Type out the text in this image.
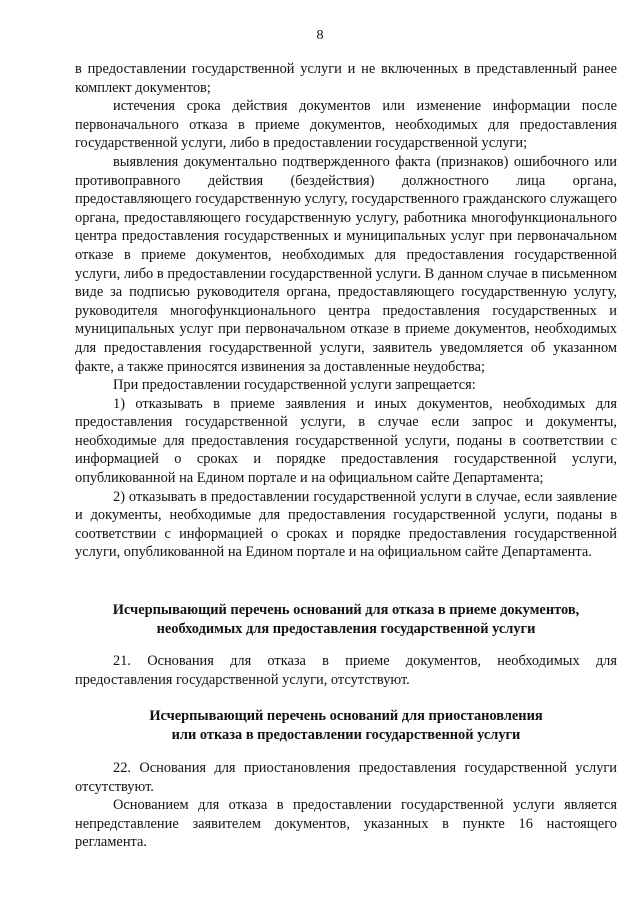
8

в предоставлении государственной услуги и не включенных в представленный ранее комплект документов;

истечения срока действия документов или изменение информации после первоначального отказа в приеме документов, необходимых для предоставления государственной услуги, либо в предоставлении государственной услуги;

выявления документально подтвержденного факта (признаков) ошибочного или противоправного действия (бездействия) должностного лица органа, предоставляющего государственную услугу, государственного гражданского служащего органа, предоставляющего государственную услугу, работника многофункционального центра предоставления государственных и муниципальных услуг при первоначальном отказе в приеме документов, необходимых для предоставления государственной услуги, либо в предоставлении государственной услуги. В данном случае в письменном виде за подписью руководителя органа, предоставляющего государственную услугу, руководителя многофункционального центра предоставления государственных и муниципальных услуг при первоначальном отказе в приеме документов, необходимых для предоставления государственной услуги, заявитель уведомляется об указанном факте, а также приносятся извинения за доставленные неудобства;

При предоставлении государственной услуги запрещается:

1) отказывать в приеме заявления и иных документов, необходимых для предоставления государственной услуги, в случае если запрос и документы, необходимые для предоставления государственной услуги, поданы в соответствии с информацией о сроках и порядке предоставления государственной услуги, опубликованной на Едином портале и на официальном сайте Департамента;

2) отказывать в предоставлении государственной услуги в случае, если заявление и документы, необходимые для предоставления государственной услуги, поданы в соответствии с информацией о сроках и порядке предоставления государственной услуги, опубликованной на Едином портале и на официальном сайте Департамента.

Исчерпывающий перечень оснований для отказа в приеме документов,

необходимых для предоставления государственной услуги

21. Основания для отказа в приеме документов, необходимых для предоставления государственной услуги, отсутствуют.

Исчерпывающий перечень оснований для приостановления

или отказа в предоставлении государственной услуги

22. Основания для приостановления предоставления государственной услуги отсутствуют.

Основанием для отказа в предоставлении государственной услуги является непредставление заявителем документов, указанных в пункте 16 настоящего регламента.
